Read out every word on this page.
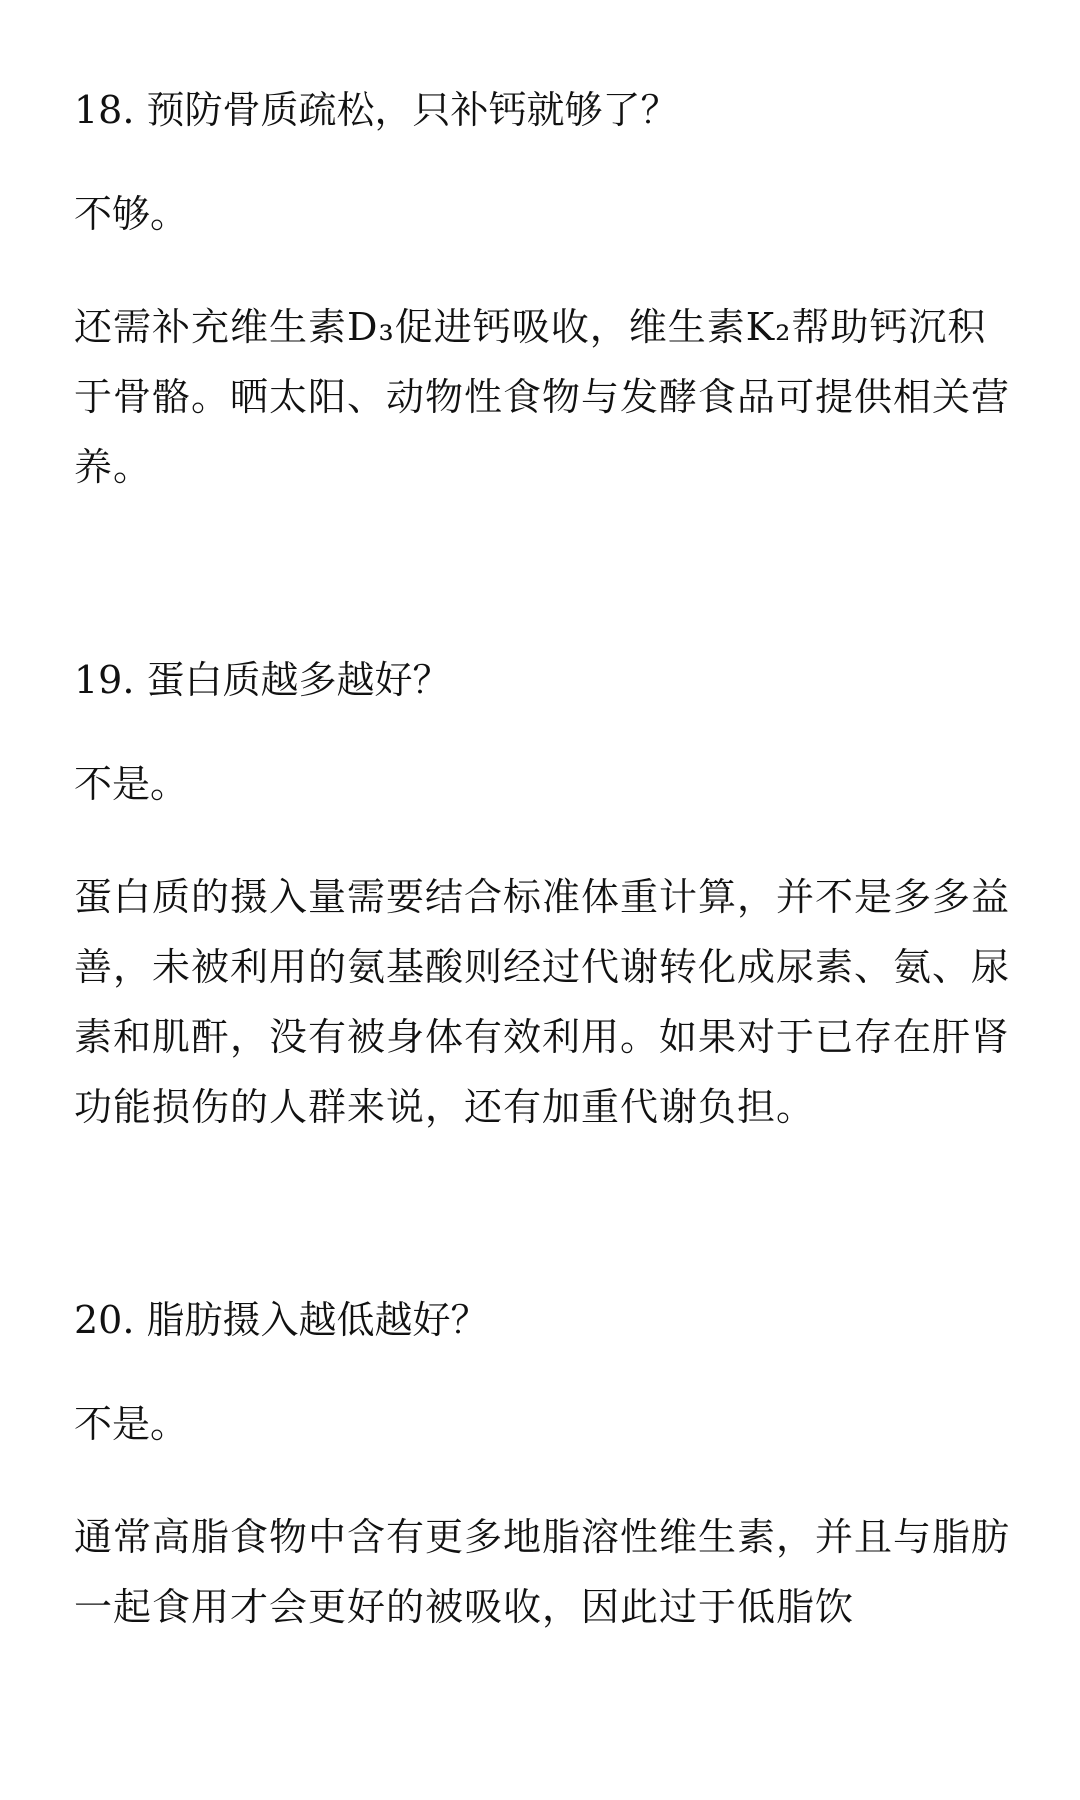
18. 预防骨质疏松，只补钙就够了？

不够。

还需补充维生素D₃促进钙吸收，维生素K₂帮助钙沉积于骨骼。晒太阳、动物性食物与发酵食品可提供相关营养。

19. 蛋白质越多越好？

不是。

蛋白质的摄入量需要结合标准体重计算，并不是多多益善，未被利用的氨基酸则经过代谢转化成尿素、氨、尿素和肌酐，没有被身体有效利用。如果对于已存在肝肾功能损伤的人群来说，还有加重代谢负担。

20. 脂肪摄入越低越好？

不是。

通常高脂食物中含有更多地脂溶性维生素，并且与脂肪一起食用才会更好的被吸收，因此过于低脂饮
